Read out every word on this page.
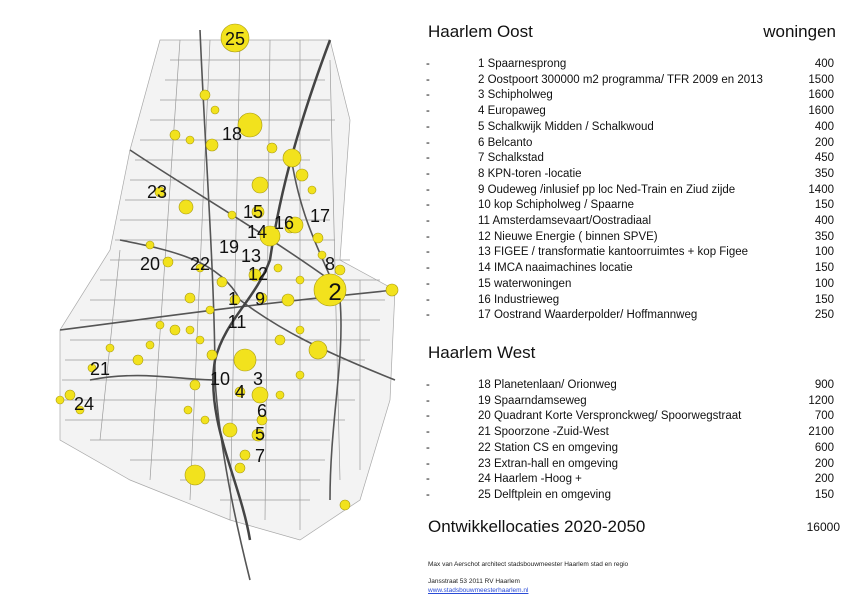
25
18
23
15
14 16 17
19 13
20 22 12	8
2
1 9
11
21	10
4
3
24	6
5
7
Haarlem Oost	woningen
-	1 Spaarnesprong	400
-	2 Oostpoort 300000 m2 programma/ TFR 2009 en 2013	1500
-	3 Schipholweg	1600
-	4 Europaweg	1600
-	5 Schalkwijk Midden / Schalkwoud	400
-	6 Belcanto	200
-	7 Schalkstad	450
-	8 KPN-toren -locatie	350
-	9 Oudeweg /inlusief pp loc Ned-Train en Ziud zijde	1400
-	10 kop Schipholweg / Spaarne	150
-	11 Amsterdamsevaart/Oostradiaal	400
-	12 Nieuwe Energie ( binnen SPVE)	350
-	13 FIGEE / transformatie kantoorruimtes + kop Figee	100
-	14 IMCA naaimachines locatie	150
-	15 waterwoningen	100
-	16 Industrieweg	150
-	17 Oostrand Waarderpolder/ Hoffmannweg	250
Haarlem West
-	18 Planetenlaan/ Orionweg	900
-	19 Spaarndamseweg	1200
-	20 Quadrant Korte Verspronckweg/ Spoorwegstraat	700
-	21 Spoorzone -Zuid-West	2100
-	22 Station CS en omgeving	600
-	23 Extran-hall en omgeving	200
-	24 Haarlem -Hoog +	200
-	25 Delftplein en omgeving	150
Ontwikkellocaties 2020-2050	16000
Max van Aerschot architect stadsbouwmeester Haarlem stad en regio
Jansstraat 53 2011 RV Haarlem
www.stadsbouwmeesterhaarlem.nl
